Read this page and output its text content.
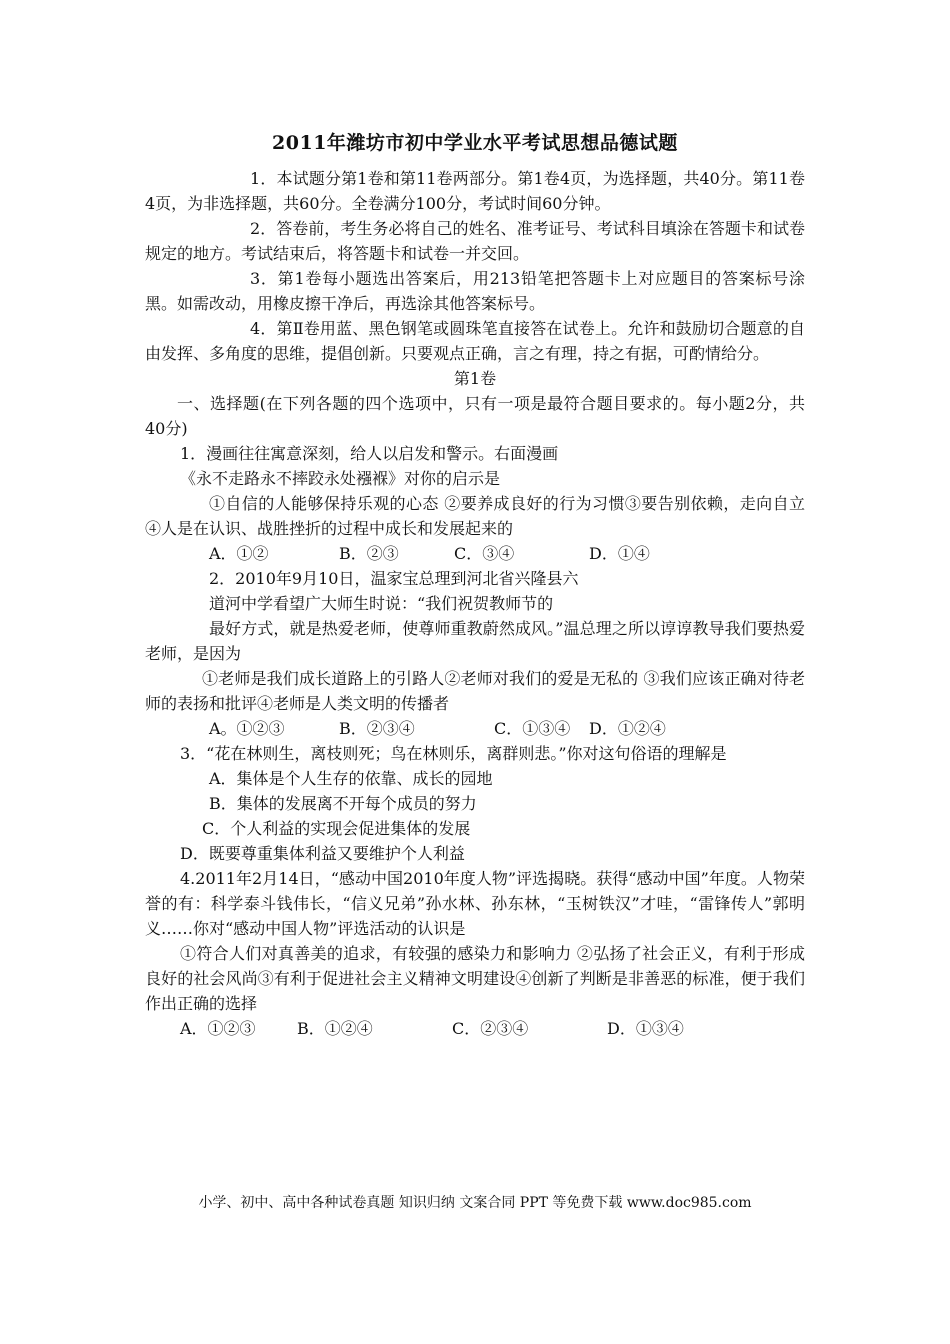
2011年潍坊市初中学业水平考试思想品德试题

1．本试题分第1卷和第11卷两部分。第1卷4页，为选择题，共40分。第11卷4页，为非选择题，共60分。全卷满分100分，考试时间60分钟。

2．答卷前，考生务必将自己的姓名、准考证号、考试科目填涂在答题卡和试卷规定的地方。考试结束后，将答题卡和试卷一并交回。

3．第1卷每小题选出答案后，用213铅笔把答题卡上对应题目的答案标号涂黑。如需改动，用橡皮擦干净后，再选涂其他答案标号。

4．第Ⅱ卷用蓝、黑色钢笔或圆珠笔直接答在试卷上。允许和鼓励切合题意的自由发挥、多角度的思维，提倡创新。只要观点正确，言之有理，持之有据，可酌情给分。

第1卷

一、选择题(在下列各题的四个选项中，只有一项是最符合题目要求的。每小题2分，共40分)

1．漫画往往寓意深刻，给人以启发和警示。右面漫画

《永不走路永不摔跤永处襁褓》对你的启示是

①自信的人能够保持乐观的心态 ②要养成良好的行为习惯③要告别依赖，走向自立④人是在认识、战胜挫折的过程中成长和发展起来的

A．①②	B．②③	C．③④	D．①④

2．2010年9月10日，温家宝总理到河北省兴隆县六

道河中学看望广大师生时说：“我们祝贺教师节的

最好方式，就是热爱老师，使尊师重教蔚然成风。”温总理之所以谆谆教导我们要热爱老师，是因为

①老师是我们成长道路上的引路人②老师对我们的爱是无私的 ③我们应该正确对待老师的表扬和批评④老师是人类文明的传播者

A。①②③	B．②③④	C．①③④ D．①②④

3．“花在林则生，离枝则死；鸟在林则乐，离群则悲。”你对这句俗语的理解是

A．集体是个人生存的依靠、成长的园地

B．集体的发展离不开每个成员的努力

C．个人利益的实现会促进集体的发展

D．既要尊重集体利益又要维护个人利益

4.2011年2月14日，“感动中国2010年度人物”评选揭晓。获得“感动中国”年度。人物荣誉的有：科学泰斗钱伟长，“信义兄弟”孙水林、孙东林，“玉树铁汉”才哇，“雷锋传人”郭明义……你对“感动中国人物”评选活动的认识是

①符合人们对真善美的追求，有较强的感染力和影响力 ②弘扬了社会正义，有利于形成良好的社会风尚③有利于促进社会主义精神文明建设④创新了判断是非善恶的标准，便于我们作出正确的选择

A．①②③	B．①②④	C．②③④	D．①③④

小学、初中、高中各种试卷真题 知识归纳 文案合同 PPT 等免费下载 www.doc985.com
